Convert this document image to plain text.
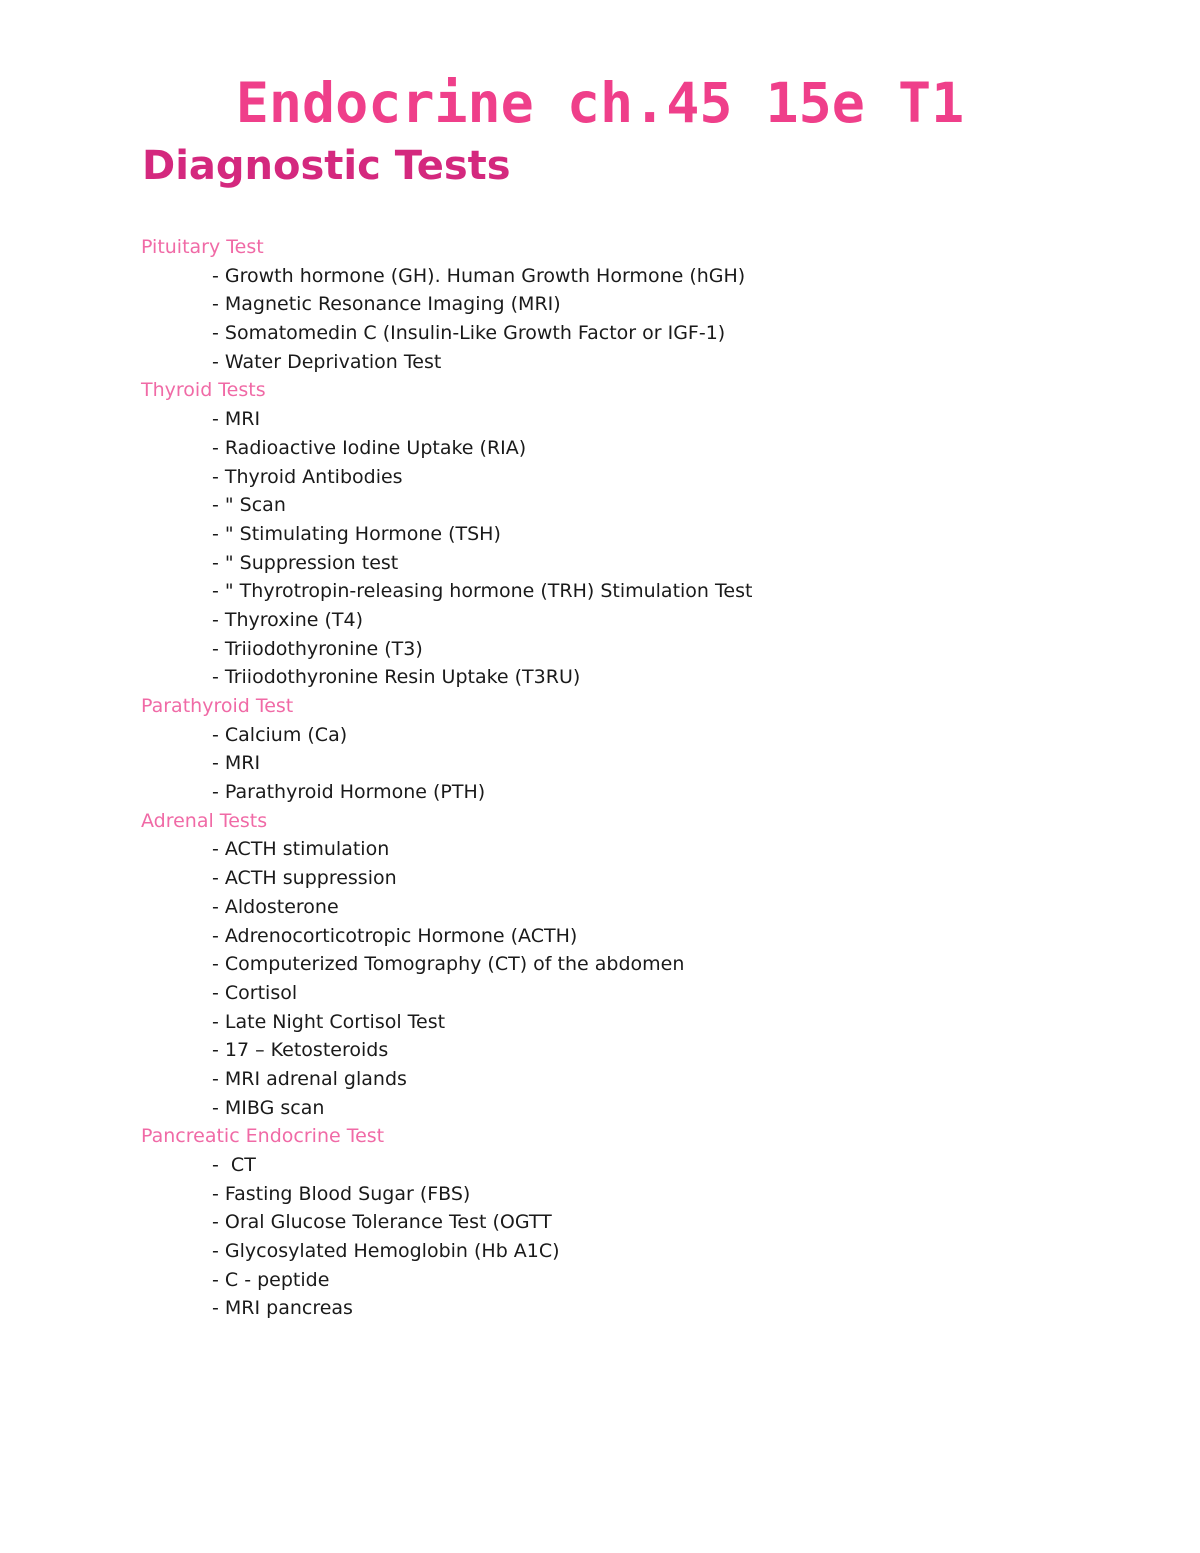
Endocrine ch.45 15e T1
Diagnostic Tests
Pituitary Test
- Growth hormone (GH). Human Growth Hormone (hGH)
- Magnetic Resonance Imaging (MRI)
- Somatomedin C (Insulin-Like Growth Factor or IGF-1)
- Water Deprivation Test
Thyroid Tests
- MRI
- Radioactive Iodine Uptake (RIA)
- Thyroid Antibodies
- " Scan
- " Stimulating Hormone (TSH)
- " Suppression test
- " Thyrotropin-releasing hormone (TRH) Stimulation Test
- Thyroxine (T4)
- Triiodothyronine (T3)
- Triiodothyronine Resin Uptake (T3RU)
Parathyroid Test
- Calcium (Ca)
- MRI
- Parathyroid Hormone (PTH)
Adrenal Tests
- ACTH stimulation
- ACTH suppression
- Aldosterone
- Adrenocorticotropic Hormone (ACTH)
- Computerized Tomography (CT) of the abdomen
- Cortisol
- Late Night Cortisol Test
- 17 – Ketosteroids
- MRI adrenal glands
- MIBG scan
Pancreatic Endocrine Test
-  CT
- Fasting Blood Sugar (FBS)
- Oral Glucose Tolerance Test (OGTT
- Glycosylated Hemoglobin (Hb A1C)
- C - peptide
- MRI pancreas
